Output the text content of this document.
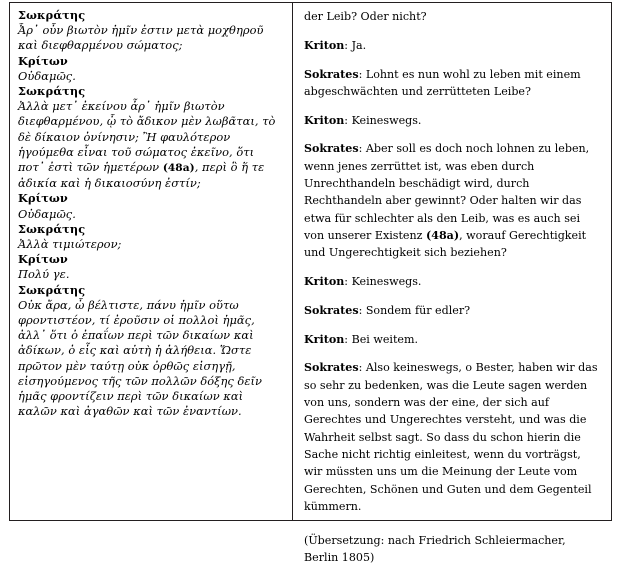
Σωκράτης
Ἆρ᾽ οὖν βιωτὸν ἡμῖν ἐστιν μετὰ μοχθηροῦ καὶ διεφθαρμένου σώματος;
Κρίτων
Οὐδαμῶς.
Σωκράτης
Ἀλλὰ μετ᾽ ἐκείνου ἆρ᾽ ἡμῖν βιωτὸν διεφθαρμένου, ᾧ τὸ ἄδικον μὲν λωβᾶται, τὸ δὲ δίκαιον ὀνίνησιν; Ἢ φαυλότερον ἡγούμεθα εἶναι τοῦ σώματος ἐκεῖνο, ὅτι ποτ᾽ ἐστὶ τῶν ἡμετέρων (48a), περὶ ὃ ἥ τε ἀδικία καὶ ἡ δικαιοσύνη ἐστίν;
Κρίτων
Οὐδαμῶς.
Σωκράτης
Ἀλλὰ τιμιώτερον;
Κρίτων
Πολύ γε.
Σωκράτης
Οὐκ ἄρα, ὦ βέλτιστε, πάνυ ἡμῖν οὕτω φροντιστέον, τί ἐροῦσιν οἱ πολλοὶ ἡμᾶς, ἀλλ᾽ ὅτι ὁ ἐπαΐων περὶ τῶν δικαίων καὶ ἀδίκων, ὁ εἷς καὶ αὐτὴ ἡ ἀλήθεια. Ὥστε πρῶτον μὲν ταύτῃ οὐκ ὀρθῶς εἰσηγῇ, εἰσηγούμενος τῆς τῶν πολλῶν δόξης δεῖν ἡμᾶς φροντίζειν περὶ τῶν δικαίων καὶ καλῶν καὶ ἀγαθῶν καὶ τῶν ἐναντίων.

der Leib? Oder nicht?

Kriton: Ja.

Sokrates: Lohnt es nun wohl zu leben mit einem abgeschwächten und zerrütteten Leibe?

Kriton: Keineswegs.

Sokrates: Aber soll es doch noch lohnen zu leben, wenn jenes zerrüttet ist, was eben durch Unrechthandeln beschädigt wird, durch Rechthandeln aber gewinnt? Oder halten wir das etwa für schlechter als den Leib, was es auch sei von unserer Existenz (48a), worauf Gerechtigkeit und Ungerechtigkeit sich beziehen?

Kriton: Keineswegs.

Sokrates: Sondem für edler?

Kriton: Bei weitem.

Sokrates: Also keineswegs, o Bester, haben wir das so sehr zu bedenken, was die Leute sagen werden von uns, sondern was der eine, der sich auf Gerechtes und Ungerechtes versteht, und was die Wahrheit selbst sagt. So dass du schon hierin die Sache nicht richtig einleitest, wenn du vorträgst, wir müssten uns um die Meinung der Leute vom Gerechten, Schönen und Guten und dem Gegenteil kümmern.

(Übersetzung: nach Friedrich Schleiermacher, Berlin 1805)
